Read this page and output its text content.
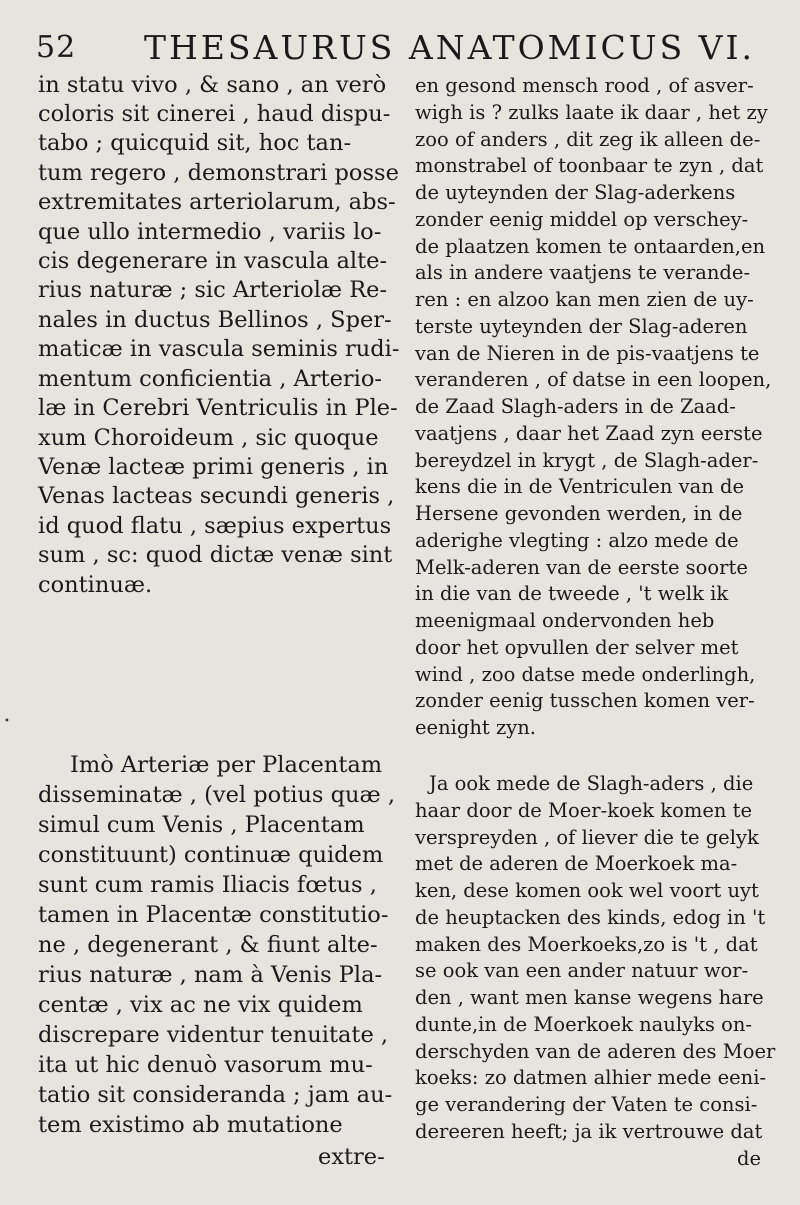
52 THESAURUS ANATOMICUS VI.
•
in statu vivo , & sano , an verò
coloris sit cinerei , haud dispu-
tabo ; quicquid sit, hoc tan-
tum regero , demonstrari posse
extremitates arteriolarum, abs-
que ullo intermedio , variis lo-
cis degenerare in vascula alte-
rius naturæ ; sic Arteriolæ Re-
nales in ductus Bellinos , Sper-
maticæ in vascula seminis rudi-
mentum conficientia , Arterio-
læ in Cerebri Ventriculis in Ple-
xum Choroideum , sic quoque
Venæ lacteæ primi generis , in
Venas lacteas secundi generis ,
id quod flatu , sæpius expertus
sum , sc: quod dictæ venæ sint
continuæ.
Imò Arteriæ per Placentam
disseminatæ , (vel potius quæ ,
simul cum Venis , Placentam
constituunt) continuæ quidem
sunt cum ramis Iliacis fœtus ,
tamen in Placentæ constitutio-
ne , degenerant , & fiunt alte-
rius naturæ , nam à Venis Pla-
centæ , vix ac ne vix quidem
discrepare videntur tenuitate ,
ita ut hic denuò vasorum mu-
tatio sit consideranda ; jam au-
tem existimo ab mutatione
extre-
en gesond mensch rood , of asver-
wigh is ? zulks laate ik daar , het zy
zoo of anders , dit zeg ik alleen de-
monstrabel of toonbaar te zyn , dat
de uyteynden der Slag-aderkens
zonder eenig middel op verschey-
de plaatzen komen te ontaarden,en
als in andere vaatjens te verande-
ren : en alzoo kan men zien de uy-
terste uyteynden der Slag-aderen
van de Nieren in de pis-vaatjens te
veranderen , of datse in een loopen,
de Zaad Slagh-aders in de Zaad-
vaatjens , daar het Zaad zyn eerste
bereydzel in krygt , de Slagh-ader-
kens die in de Ventriculen van de
Hersene gevonden werden, in de
aderighe vlegting : alzo mede de
Melk-aderen van de eerste soorte
in die van de tweede , 't welk ik
meenigmaal ondervonden heb
door het opvullen der selver met
wind , zoo datse mede onderlingh,
zonder eenig tusschen komen ver-
eenight zyn.
Ja ook mede de Slagh-aders , die
haar door de Moer-koek komen te
verspreyden , of liever die te gelyk
met de aderen de Moerkoek ma-
ken, dese komen ook wel voort uyt
de heuptacken des kinds, edog in 't
maken des Moerkoeks,zo is 't , dat
se ook van een ander natuur wor-
den , want men kanse wegens hare
dunte,in de Moerkoek naulyks on-
derschyden van de aderen des Moer
koeks: zo datmen alhier mede eeni-
ge verandering der Vaten te consi-
dereeren heeft; ja ik vertrouwe dat
de
